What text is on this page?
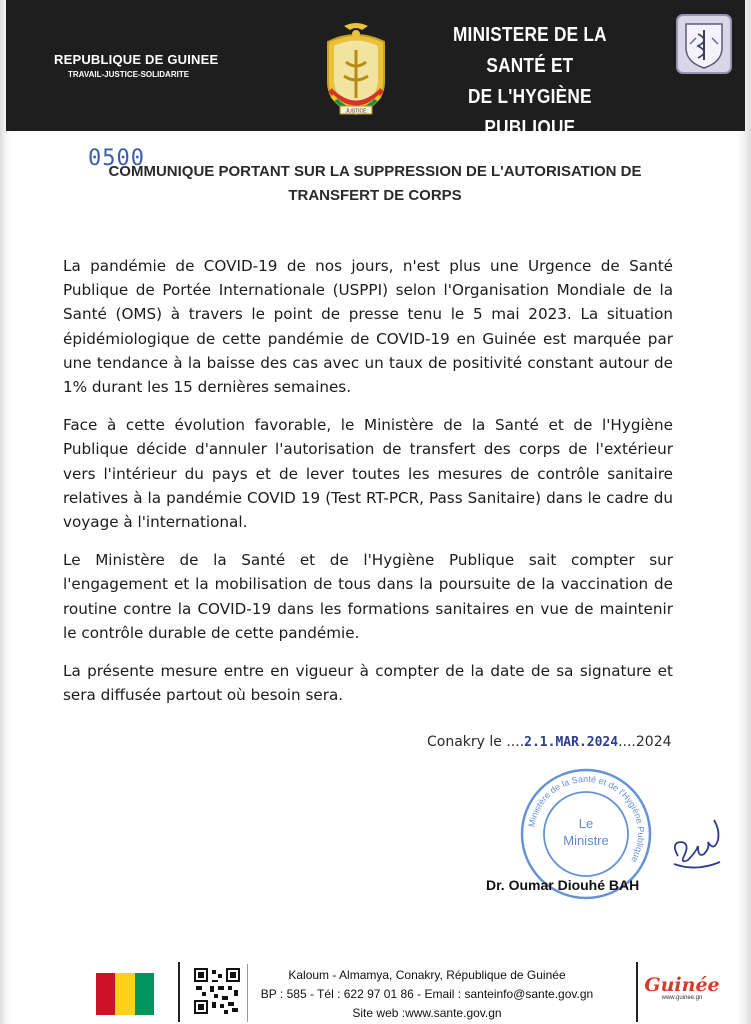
REPUBLIQUE DE GUINEE
TRAVAIL-JUSTICE-SOLIDARITE
JUSTICE
MINISTERE DE LA SANTÉ ET
DE L'HYGIÈNE PUBLIQUE
0500
COMMUNIQUE PORTANT SUR LA SUPPRESSION DE L'AUTORISATION DE
TRANSFERT DE CORPS

La pandémie de COVID-19 de nos jours, n'est plus une Urgence de Santé Publique de Portée Internationale (USPPI) selon l'Organisation Mondiale de la Santé (OMS) à travers le point de presse tenu le 5 mai 2023. La situation épidémiologique de cette pandémie de COVID-19 en Guinée est marquée par une tendance à la baisse des cas avec un taux de positivité constant autour de 1% durant les 15 dernières semaines.

Face à cette évolution favorable, le Ministère de la Santé et de l'Hygiène Publique décide d'annuler l'autorisation de transfert des corps de l'extérieur vers l'intérieur du pays et de lever toutes les mesures de contrôle sanitaire relatives à la pandémie COVID 19 (Test RT-PCR, Pass Sanitaire) dans le cadre du voyage à l'international.

Le Ministère de la Santé et de l'Hygiène Publique sait compter sur l'engagement et la mobilisation de tous dans la poursuite de la vaccination de routine contre la COVID-19 dans les formations sanitaires en vue de maintenir le contrôle durable de cette pandémie.

La présente mesure entre en vigueur à compter de la date de sa signature et sera diffusée partout où besoin sera.

Conakry le ....2.1.MAR.2024....2024
Ministère de la Santé et de l'Hygiène Publique
Le
Ministre
Dr. Oumar Diouhé BAH
Kaloum - Almamya, Conakry, République de Guinée
BP : 585 - Tél : 622 97 01 86 - Email : santeinfo@sante.gov.gn
Site web :www.sante.gov.gn
Guinée
www.guinee.gn
